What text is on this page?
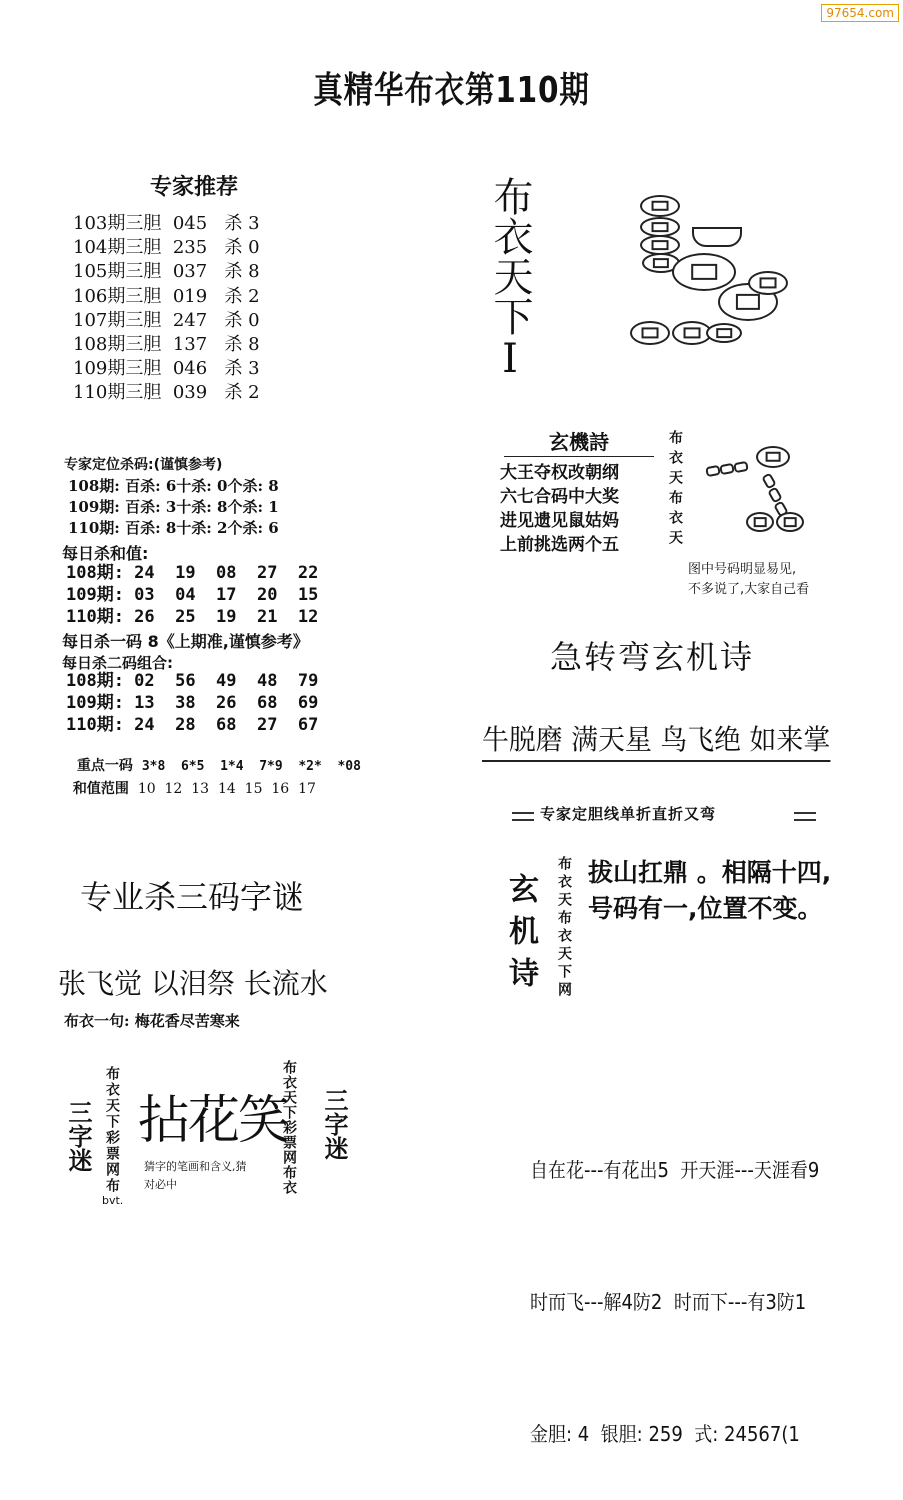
97654.com
真精华布衣第110期
专家推荐
103期三胆 045 杀 3
104期三胆 235 杀 0
105期三胆 037 杀 8
106期三胆 019 杀 2
107期三胆 247 杀 0
108期三胆 137 杀 8
109期三胆 046 杀 3
110期三胆 039 杀 2
专家定位杀码:(谨慎参考)
108期: 百杀: 6十杀: 0个杀: 8
109期: 百杀: 3十杀: 8个杀: 1
110期: 百杀: 8十杀: 2个杀: 6
每日杀和值:
108期: 24  19  08  27  22
109期: 03  04  17  20  15
110期: 26  25  19  21  12
每日杀一码 8《上期准,谨慎参考》
每日杀二码组合:
108期: 02  56  49  48  79
109期: 13  38  26  68  69
110期: 24  28  68  27  67

重点一码 3*8  6*5  1*4  7*9  *2*  *08

和值范围 10  12  13  14  15  16  17

布衣天下I
玄機詩
大王夺权改朝纲
六七合码中大奖
进见遗见鼠姑妈
上前挑选两个五	布衣天布衣天
图中号码明显易见,
不多说了,大家自己看
急转弯玄机诗
牛脱磨 满天星 鸟飞绝 如来掌
专家定胆线单折直折又弯
玄机诗 布衣天布衣天下网 拔山扛鼎 。相隔十四,
号码有一,位置不变。

自在花---有花出5  开天涯---天涯看9

时而飞---解4防2  时而下---有3防1

金胆: 4  银胆: 259  式: 24567(1

专业杀三码字谜
张飞觉 以泪祭 长流水
布衣一句: 梅花香尽苦寒来
三字迷 布衣天下彩票网布
bvt.
拈花笑
猜字的笔画和含义,猜
对必中	布衣天下彩票网布衣 三字迷
